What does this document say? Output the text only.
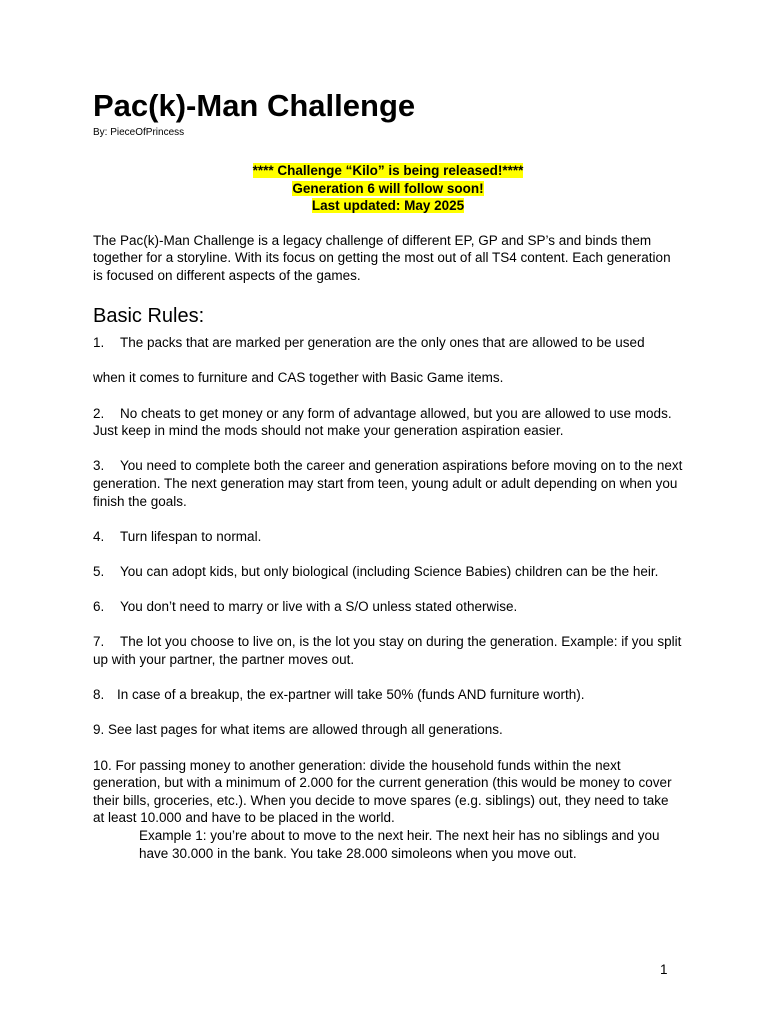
Pac(k)-Man Challenge

By: PieceOfPrincess

**** Challenge “Kilo” is being released!****
Generation 6 will follow soon!
Last updated: May 2025

The Pac(k)-Man Challenge is a legacy challenge of different EP, GP and SP’s and binds them together for a storyline. With its focus on getting the most out of all TS4 content. Each generation is focused on different aspects of the games.

Basic Rules:

1. The packs that are marked per generation are the only ones that are allowed to be used

when it comes to furniture and CAS together with Basic Game items.

2. No cheats to get money or any form of advantage allowed, but you are allowed to use mods. Just keep in mind the mods should not make your generation aspiration easier.

3. You need to complete both the career and generation aspirations before moving on to the next generation. The next generation may start from teen, young adult or adult depending on when you finish the goals.

4. Turn lifespan to normal.

5. You can adopt kids, but only biological (including Science Babies) children can be the heir.

6. You don’t need to marry or live with a S/O unless stated otherwise.

7. The lot you choose to live on, is the lot you stay on during the generation. Example: if you split up with your partner, the partner moves out.

8. In case of a breakup, the ex-partner will take 50% (funds AND furniture worth).

9. See last pages for what items are allowed through all generations.

10. For passing money to another generation: divide the household funds within the next generation, but with a minimum of 2.000 for the current generation (this would be money to cover their bills, groceries, etc.). When you decide to move spares (e.g. siblings) out, they need to take at least 10.000 and have to be placed in the world.

Example 1: you’re about to move to the next heir. The next heir has no siblings and you have 30.000 in the bank. You take 28.000 simoleons when you move out.

1
